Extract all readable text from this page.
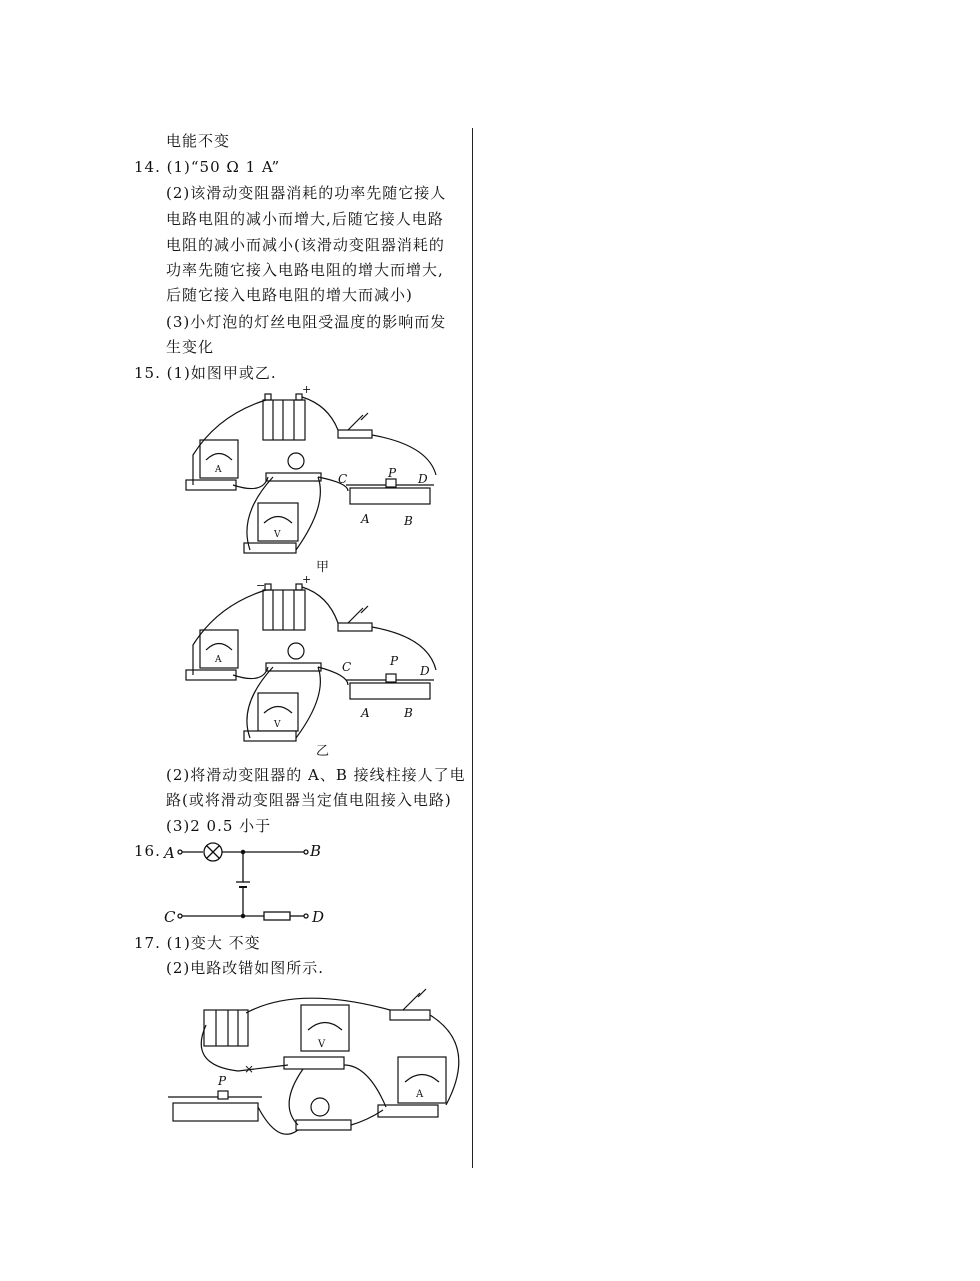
电能不变
14. (1)“50 Ω 1 A”
(2)该滑动变阻器消耗的功率先随它接人
电路电阻的减小而增大,后随它接人电路
电阻的减小而减小(该滑动变阻器消耗的
功率先随它接入电路电阻的增大而增大,
后随它接入电路电阻的增大而减小)
(3)小灯泡的灯丝电阻受温度的影响而发
生变化
15. (1)如图甲或乙.
+
A
V
C	P D
A	B
甲
−	+
A
V
C	P
D
A	B
乙
(2)将滑动变阻器的 A、B 接线柱接人了电
路(或将滑动变阻器当定值电阻接入电路)
(3)2 0.5 小于
16. A	B
C	D
17. (1)变大 不变
(2)电路改错如图所示.
V
A
P
×
